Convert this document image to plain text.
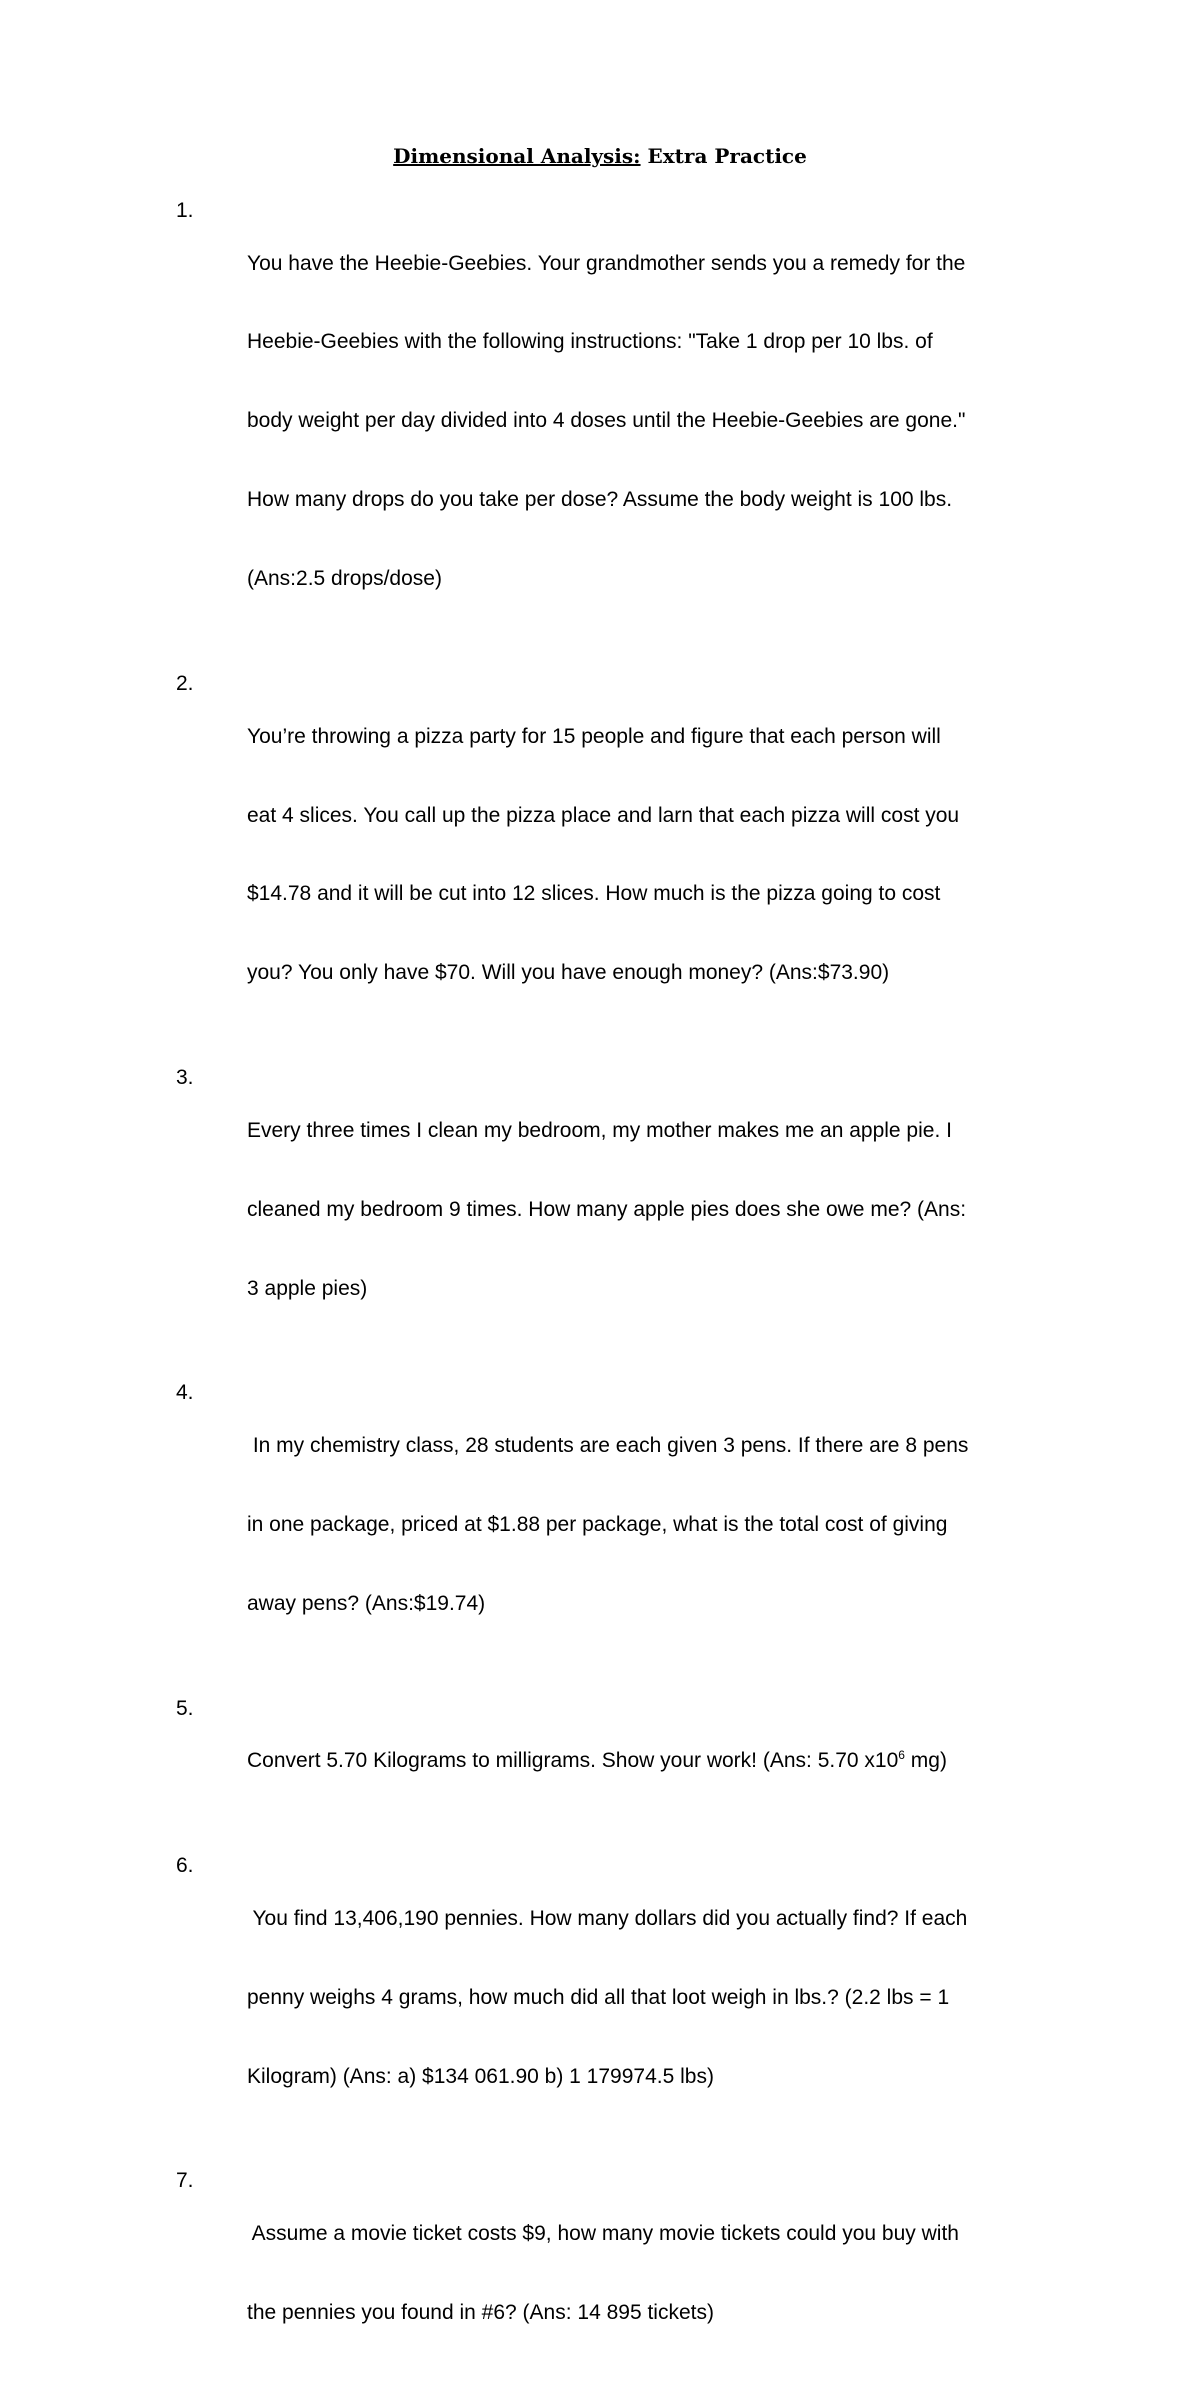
Dimensional Analysis: Extra Practice
1.

You have the Heebie-Geebies. Your grandmother sends you a remedy for the

Heebie-Geebies with the following instructions: "Take 1 drop per 10 lbs. of

body weight per day divided into 4 doses until the Heebie-Geebies are gone."

How many drops do you take per dose? Assume the body weight is 100 lbs.

(Ans:2.5 drops/dose)

2.

You’re throwing a pizza party for 15 people and figure that each person will

eat 4 slices. You call up the pizza place and larn that each pizza will cost you

$14.78 and it will be cut into 12 slices. How much is the pizza going to cost

you? You only have $70. Will you have enough money? (Ans:$73.90)

3.

Every three times I clean my bedroom, my mother makes me an apple pie. I

cleaned my bedroom 9 times. How many apple pies does she owe me? (Ans:

3 apple pies)

4.

In my chemistry class, 28 students are each given 3 pens. If there are 8 pens

in one package, priced at $1.88 per package, what is the total cost of giving

away pens? (Ans:$19.74)

5.

Convert 5.70 Kilograms to milligrams. Show your work! (Ans: 5.70 $x10^6$ mg)

6.

You find 13,406,190 pennies. How many dollars did you actually find? If each

penny weighs 4 grams, how much did all that loot weigh in lbs.? (2.2 lbs = 1

Kilogram) (Ans: a) $134 061.90 b) 1 179974.5 lbs)

7.

Assume a movie ticket costs $9, how many movie tickets could you buy with

the pennies you found in #6? (Ans: 14 895 tickets)
